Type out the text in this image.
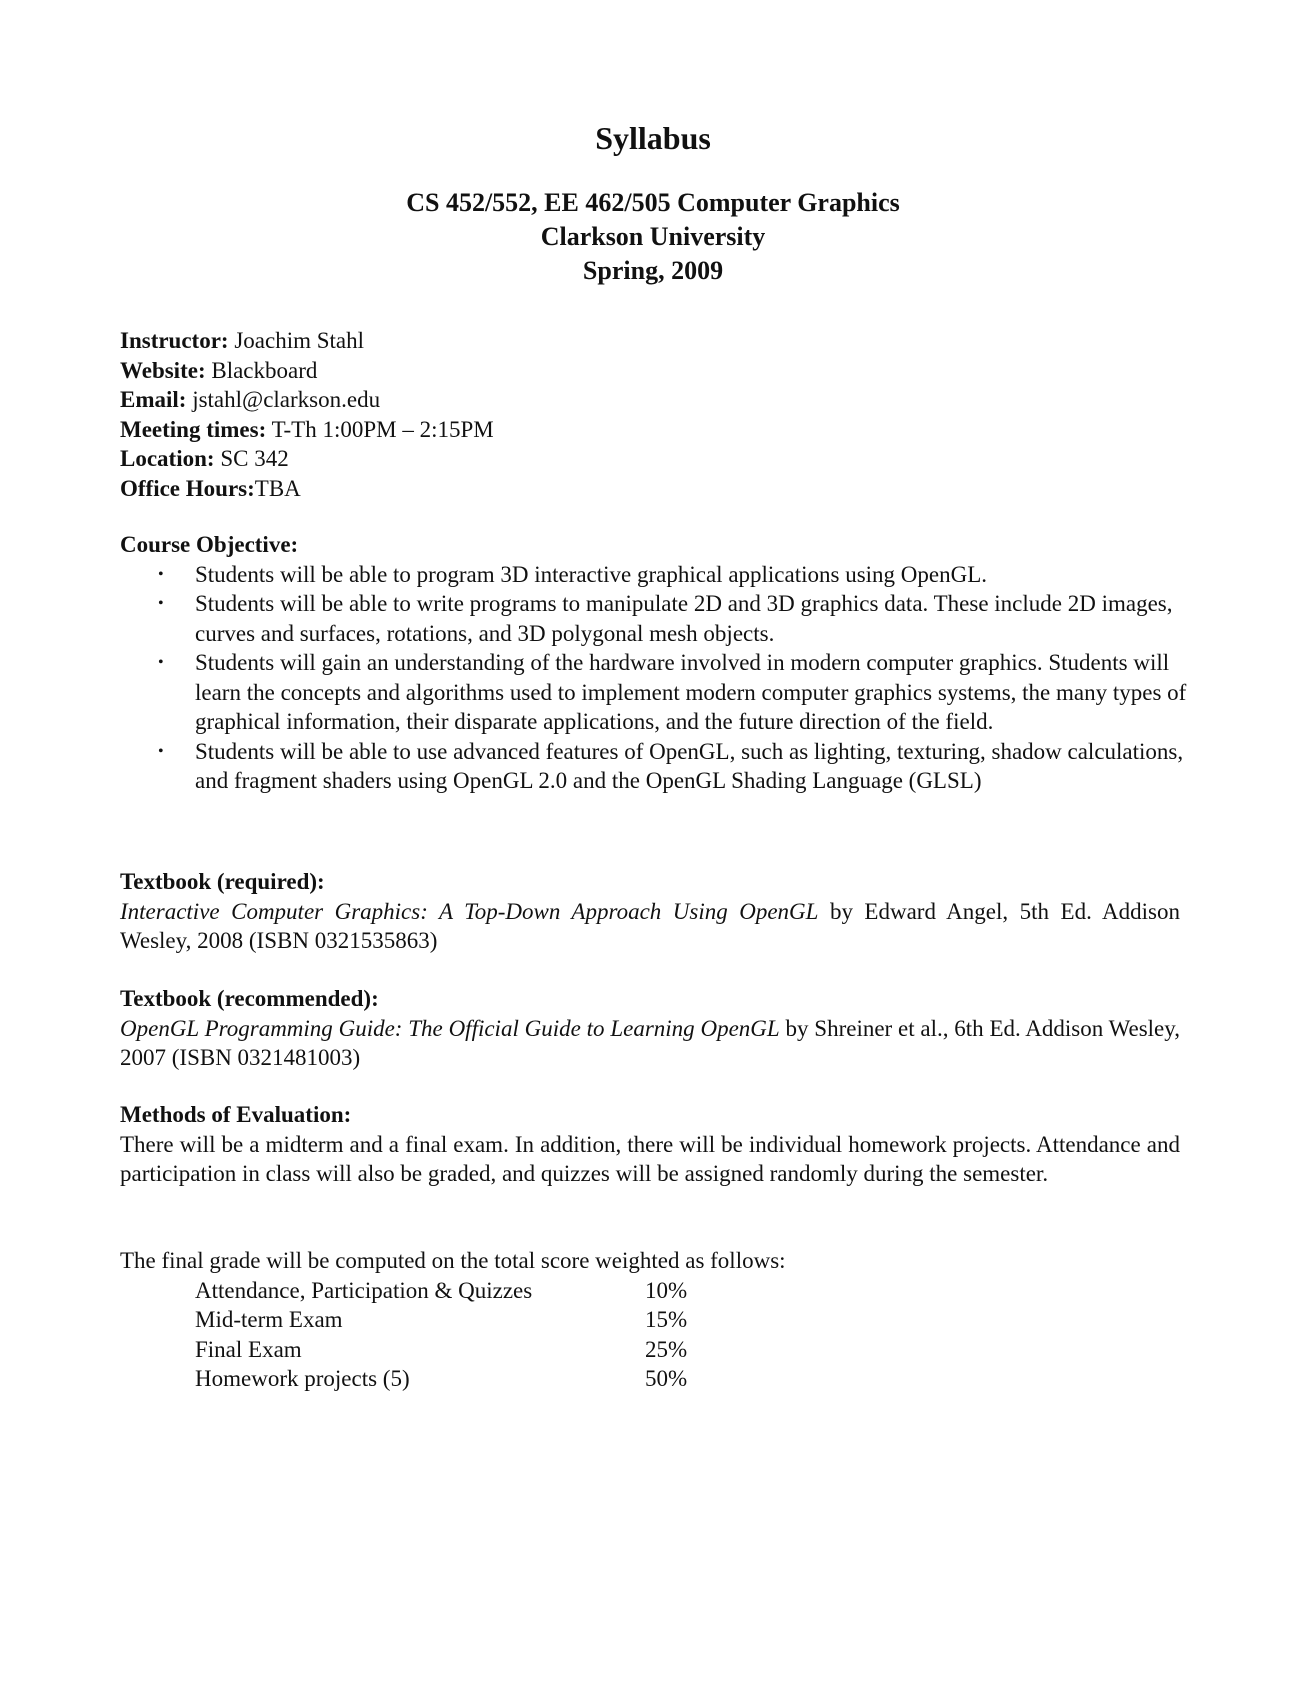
Syllabus
CS 452/552, EE 462/505 Computer Graphics
Clarkson University
Spring, 2009
Instructor: Joachim Stahl
Website: Blackboard
Email: jstahl@clarkson.edu
Meeting times: T-Th 1:00PM – 2:15PM
Location: SC 342
Office Hours:TBA
Course Objective:
• Students will be able to program 3D interactive graphical applications using OpenGL.
• Students will be able to write programs to manipulate 2D and 3D graphics data. These include 2D images, curves and surfaces, rotations, and 3D polygonal mesh objects.
• Students will gain an understanding of the hardware involved in modern computer graphics. Students will learn the concepts and algorithms used to implement modern computer graphics systems, the many types of graphical information, their disparate applications, and the future direction of the field.
• Students will be able to use advanced features of OpenGL, such as lighting, texturing, shadow calculations, and fragment shaders using OpenGL 2.0 and the OpenGL Shading Language (GLSL)
Textbook (required):
Interactive Computer Graphics: A Top-Down Approach Using OpenGL by Edward Angel, 5th Ed. Addison Wesley, 2008 (ISBN 0321535863)
Textbook (recommended):
OpenGL Programming Guide: The Official Guide to Learning OpenGL by Shreiner et al., 6th Ed. Addison Wesley, 2007 (ISBN 0321481003)
Methods of Evaluation:
There will be a midterm and a final exam. In addition, there will be individual homework projects. Attendance and participation in class will also be graded, and quizzes will be assigned randomly during the semester.
The final grade will be computed on the total score weighted as follows:
Attendance, Participation & Quizzes	10%
Mid-term Exam	15%
Final Exam	25%
Homework projects (5)	50%
